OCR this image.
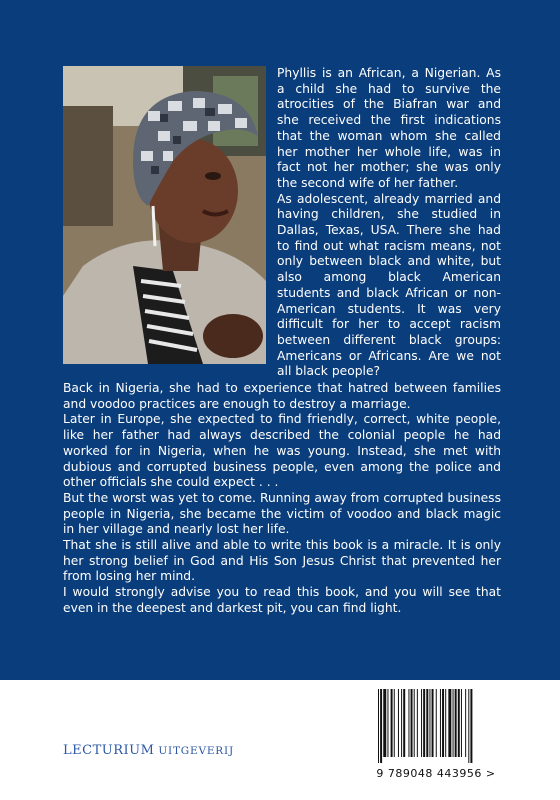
Phyllis is an African, a Nigerian. As a child she had to survive the atrocities of the Biafran war and she received the first indications that the woman whom she called her mother her whole life, was in fact not her mother; she was only the second wife of her father.

As adolescent, already married and having children, she studied in Dallas, Texas, USA. There she had to find out what racism means, not only between black and white, but also among black American students and black African or non-American students. It was very difficult for her to accept racism between different black groups: Americans or Africans. Are we not all black people?

Back in Nigeria, she had to experience that hatred between families and voodoo practices are enough to destroy a marriage.

Later in Europe, she expected to find friendly, correct, white people, like her father had always described the colonial people he had worked for in Nigeria, when he was young. Instead, she met with dubious and corrupted business people, even among the police and other officials she could expect . . .

But the worst was yet to come. Running away from corrupted business people in Nigeria, she became the victim of voodoo and black magic in her village and nearly lost her life.

That she is still alive and able to write this book is a miracle. It is only her strong belief in God and His Son Jesus Christ that prevented her from losing her mind.

I would strongly advise you to read this book, and you will see that even in the deepest and darkest pit, you can find light.

LECTURIUM UITGEVERIJ
9 789048 443956 >
